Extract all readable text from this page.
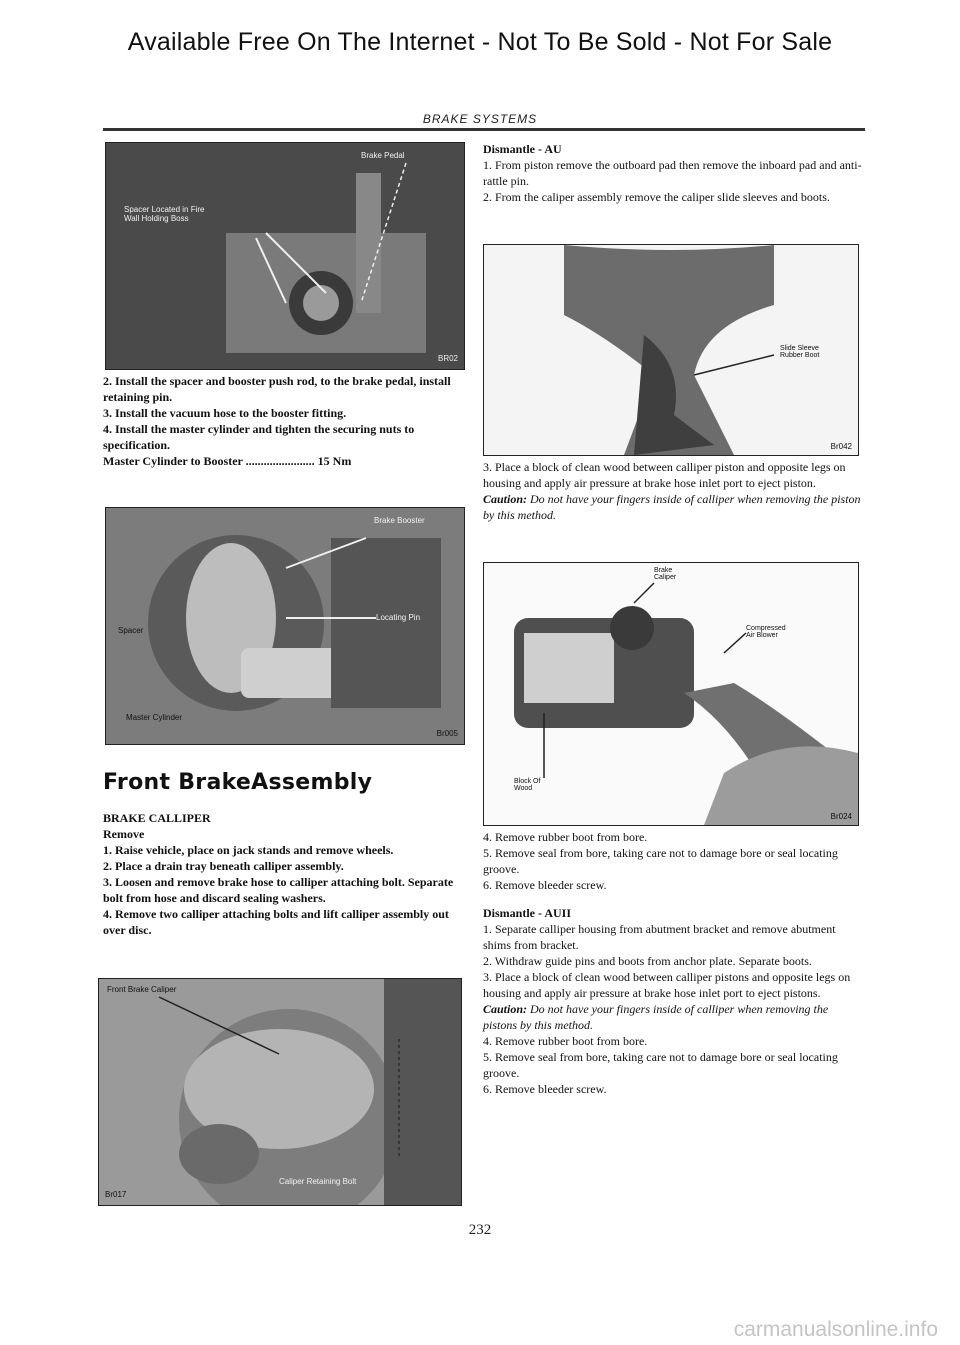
Available Free On The Internet - Not To Be Sold - Not For Sale
BRAKE SYSTEMS
Brake Pedal
Spacer Located in Fire
Wall Holding Boss
BR02

2. Install the spacer and booster push rod, to the brake pedal, install retaining pin.

3. Install the vacuum hose to the booster fitting.

4. Install the master cylinder and tighten the securing nuts to specification.

Master Cylinder to Booster ....................... 15 Nm

Brake Booster
Locating Pin
Spacer
Master Cylinder
Br005
Front BrakeAssembly

BRAKE CALLIPER

Remove

1. Raise vehicle, place on jack stands and remove wheels.

2. Place a drain tray beneath calliper assembly.

3. Loosen and remove brake hose to calliper attaching bolt. Separate bolt from hose and discard sealing washers.

4. Remove two calliper attaching bolts and lift calliper assembly out over disc.

Front Brake Caliper
Caliper Retaining Bolt
Br017

Dismantle - AU

1. From piston remove the outboard pad then remove the inboard pad and anti-rattle pin.

2. From the caliper assembly remove the caliper slide sleeves and boots.

Slide Sleeve
Rubber Boot
Br042

3. Place a block of clean wood between calliper piston and opposite legs on housing and apply air pressure at brake hose inlet port to eject piston.

Caution: Do not have your fingers inside of calliper when removing the piston by this method.

Brake
Caliper
Compressed
Air Blower
Block Of
Wood
Br024

4. Remove rubber boot from bore.

5. Remove seal from bore, taking care not to damage bore or seal locating groove.

6. Remove bleeder screw.

Dismantle - AUII

1. Separate calliper housing from abutment bracket and remove abutment shims from bracket.

2. Withdraw guide pins and boots from anchor plate. Separate boots.

3. Place a block of clean wood between calliper pistons and opposite legs on housing and apply air pressure at brake hose inlet port to eject pistons.

Caution: Do not have your fingers inside of calliper when removing the pistons by this method.

4. Remove rubber boot from bore.

5. Remove seal from bore, taking care not to damage bore or seal locating groove.

6. Remove bleeder screw.

232
carmanualsonline.info
